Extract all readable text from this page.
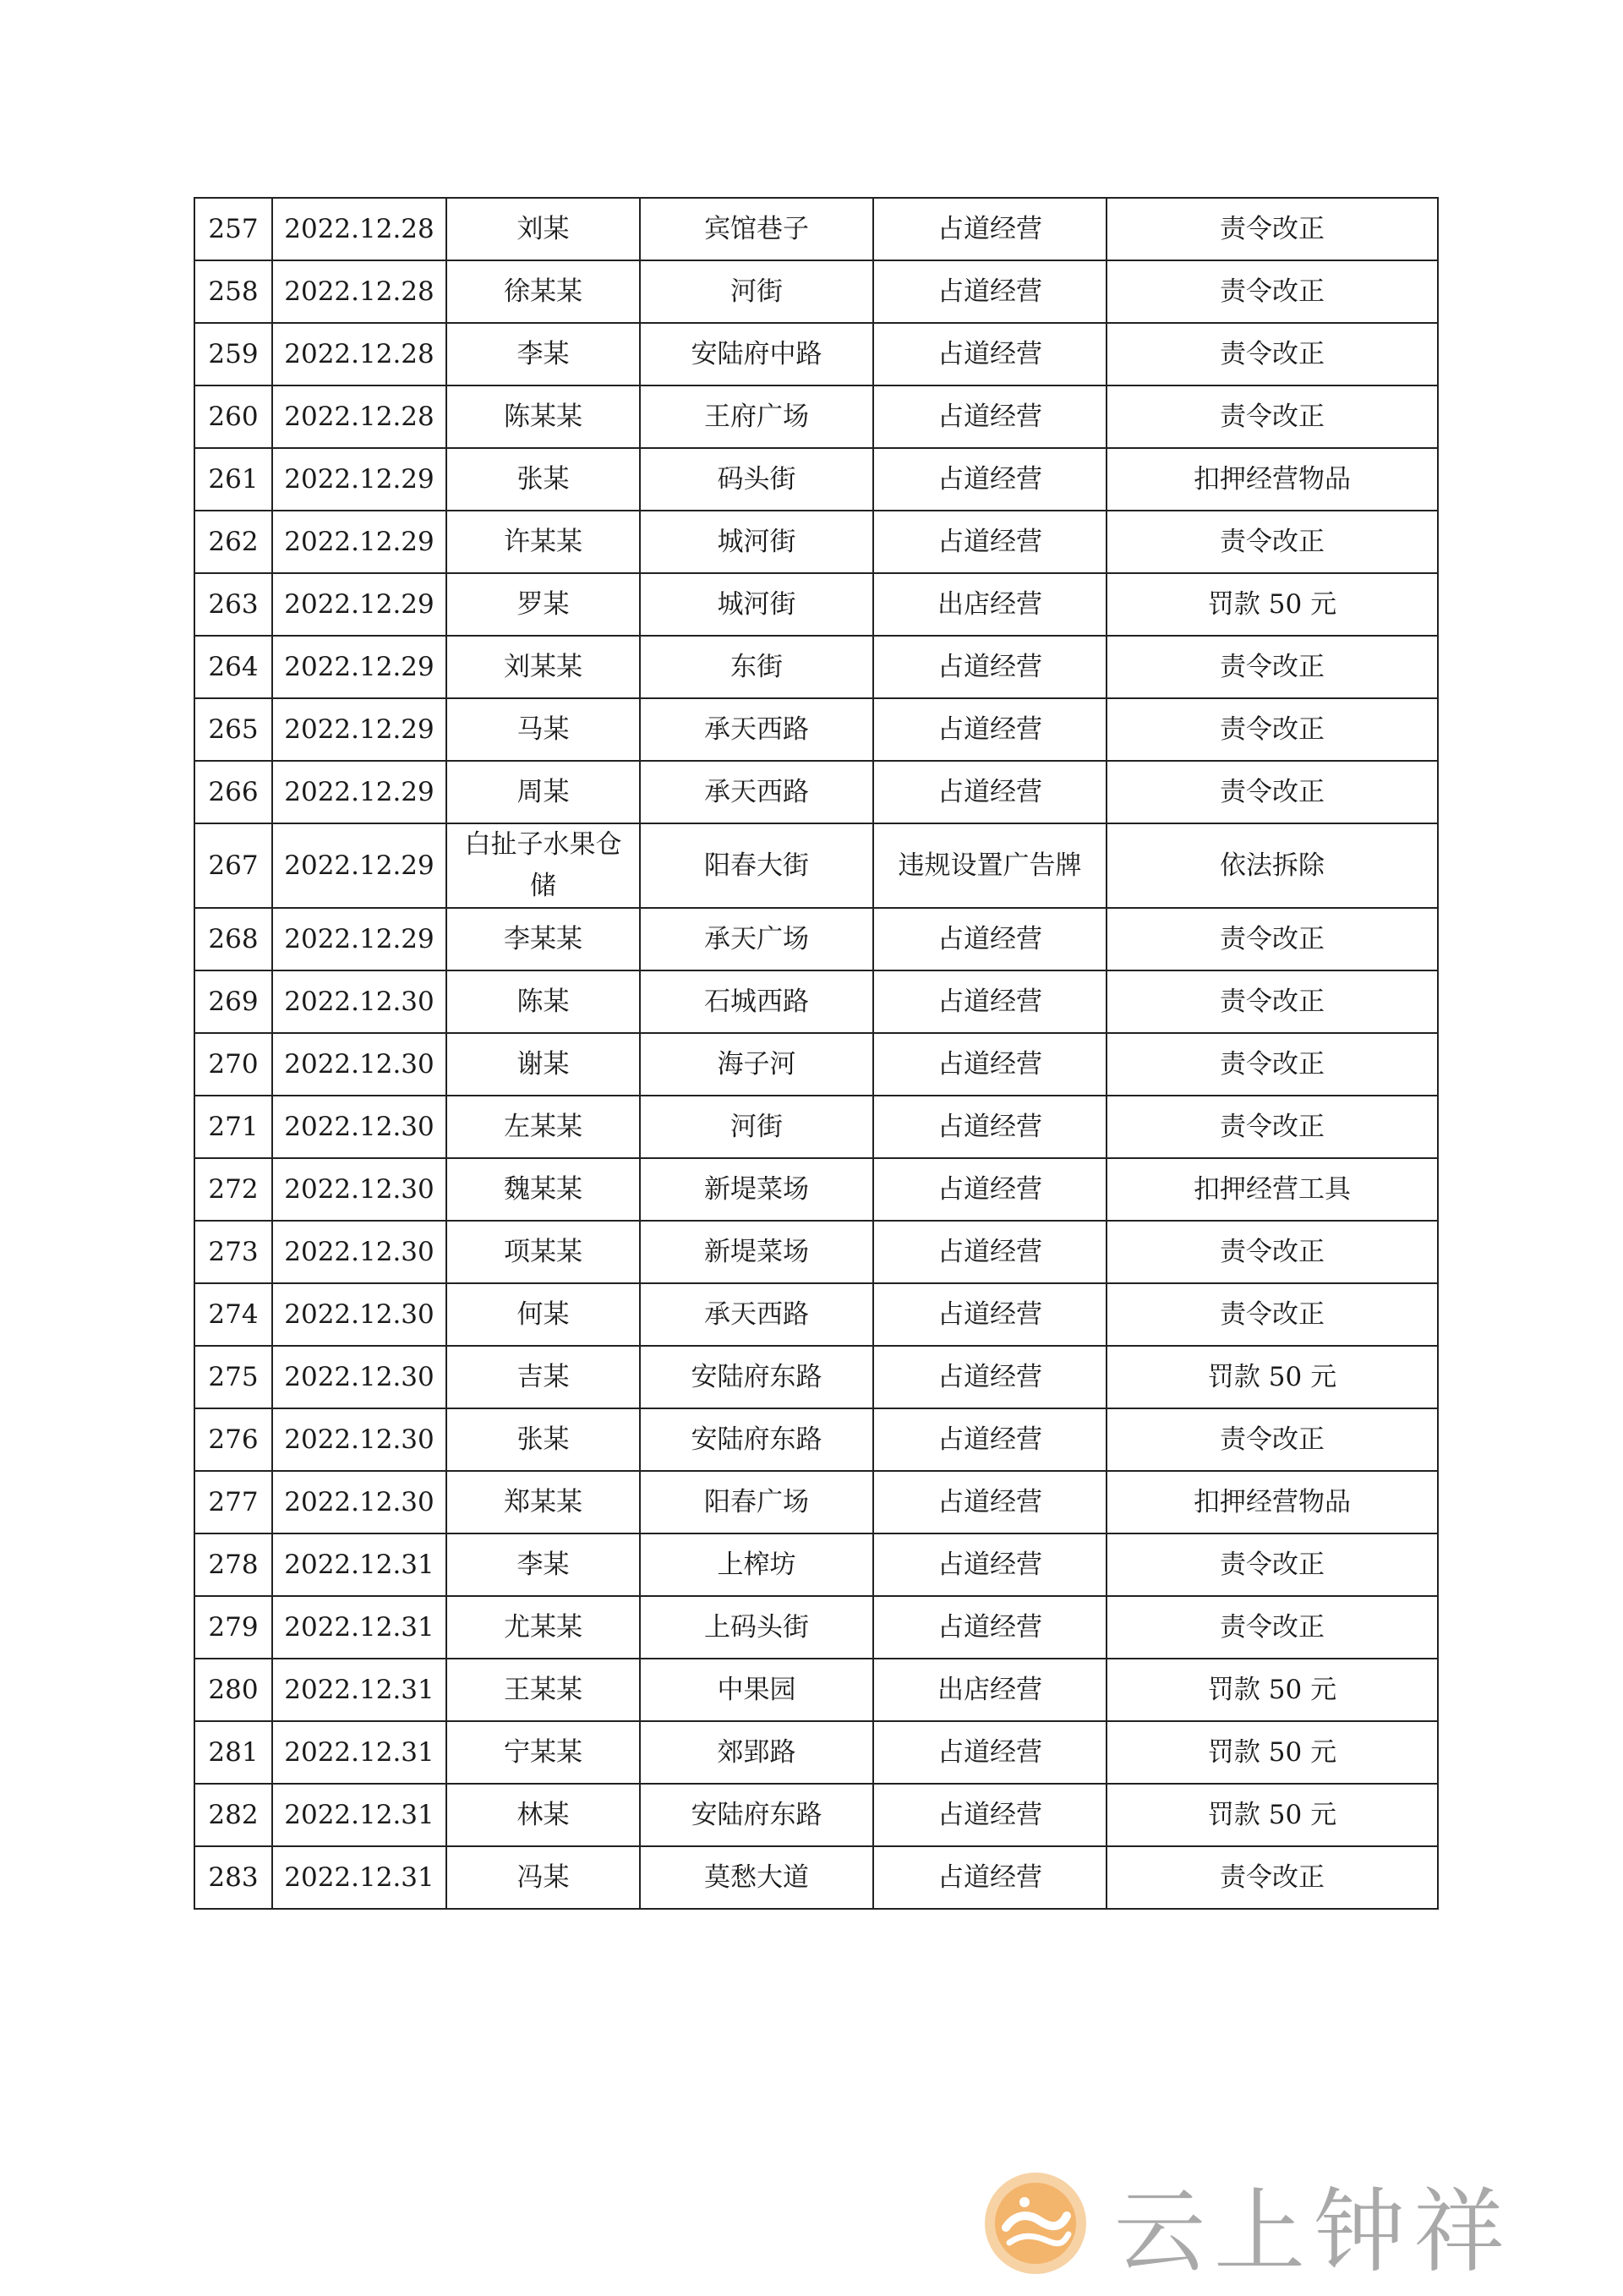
257	2022.12.28	刘某	宾馆巷子	占道经营	责令改正
258	2022.12.28	徐某某	河街	占道经营	责令改正
259	2022.12.28	李某	安陆府中路	占道经营	责令改正
260	2022.12.28	陈某某	王府广场	占道经营	责令改正
261	2022.12.29	张某	码头街	占道经营	扣押经营物品
262	2022.12.29	许某某	城河街	占道经营	责令改正
263	2022.12.29	罗某	城河街	出店经营	罚款 50 元
264	2022.12.29	刘某某	东街	占道经营	责令改正
265	2022.12.29	马某	承天西路	占道经营	责令改正
266	2022.12.29	周某	承天西路	占道经营	责令改正
267	2022.12.29	白扯子水果仓储	阳春大街	违规设置广告牌	依法拆除
268	2022.12.29	李某某	承天广场	占道经营	责令改正
269	2022.12.30	陈某	石城西路	占道经营	责令改正
270	2022.12.30	谢某	海子河	占道经营	责令改正
271	2022.12.30	左某某	河街	占道经营	责令改正
272	2022.12.30	魏某某	新堤菜场	占道经营	扣押经营工具
273	2022.12.30	项某某	新堤菜场	占道经营	责令改正
274	2022.12.30	何某	承天西路	占道经营	责令改正
275	2022.12.30	吉某	安陆府东路	占道经营	罚款 50 元
276	2022.12.30	张某	安陆府东路	占道经营	责令改正
277	2022.12.30	郑某某	阳春广场	占道经营	扣押经营物品
278	2022.12.31	李某	上榨坊	占道经营	责令改正
279	2022.12.31	尤某某	上码头街	占道经营	责令改正
280	2022.12.31	王某某	中果园	出店经营	罚款 50 元
281	2022.12.31	宁某某	郊郢路	占道经营	罚款 50 元
282	2022.12.31	林某	安陆府东路	占道经营	罚款 50 元
283	2022.12.31	冯某	莫愁大道	占道经营	责令改正
云上钟祥
